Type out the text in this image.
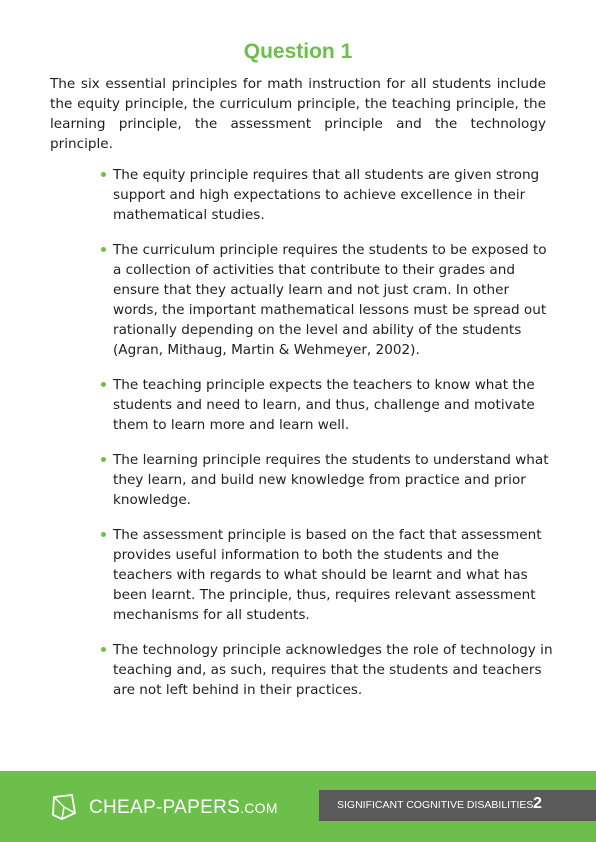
Question 1

The six essential principles for math instruction for all students include the equity principle, the curriculum principle, the teaching principle, the learning principle, the assessment principle and the technology principle.

The equity principle requires that all students are given strong support and high expectations to achieve excellence in their mathematical studies.
The curriculum principle requires the students to be exposed to a collection of activities that contribute to their grades and ensure that they actually learn and not just cram. In other words, the important mathematical lessons must be spread out rationally depending on the level and ability of the students (Agran, Mithaug, Martin & Wehmeyer, 2002).
The teaching principle expects the teachers to know what the students and need to learn, and thus, challenge and motivate them to learn more and learn well.
The learning principle requires the students to understand what they learn, and build new knowledge from practice and prior knowledge.
The assessment principle is based on the fact that assessment provides useful information to both the students and the teachers with regards to what should be learnt and what has been learnt. The principle, thus, requires relevant assessment mechanisms for all students.
The technology principle acknowledges the role of technology in teaching and, as such, requires that the students and teachers are not left behind in their practices.
CHEAP-PAPERS.COM	SIGNIFICANT COGNITIVE DISABILITIES 2
